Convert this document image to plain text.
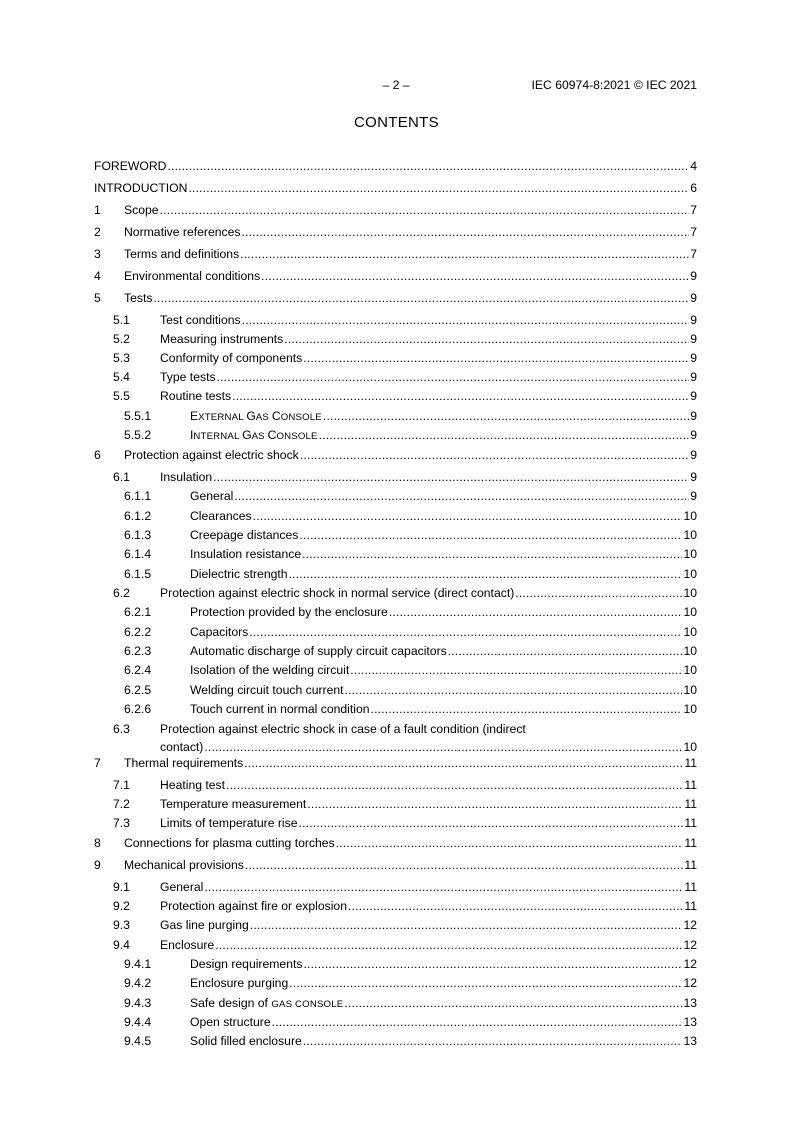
– 2 –	IEC 60974-8:2021 © IEC 2021
CONTENTS
FOREWORD . . .	4
INTRODUCTION . . .	6
1 Scope . . .	7
2 Normative references . . .	7
3 Terms and definitions . . .	7
4 Environmental conditions . . .	9
5 Tests . . .	9
5.1 Test conditions . . .	9
5.2 Measuring instruments . . .	9
5.3 Conformity of components . . .	9
5.4 Type tests . . .	9
5.5 Routine tests . . .	9
5.5.1	EXTERNAL GAS CONSOLE . . .	9
5.5.2	INTERNAL GAS CONSOLE . . .	9
6 Protection against electric shock . . .	9
6.1 Insulation . . .	9
6.1.1	General . . .	9
6.1.2	Clearances . . .	10
6.1.3	Creepage distances . . .	10
6.1.4	Insulation resistance . . .	10
6.1.5	Dielectric strength . . .	10
6.2 Protection against electric shock in normal service (direct contact) . . .	10
6.2.1	Protection provided by the enclosure . . .	10
6.2.2	Capacitors . . .	10
6.2.3	Automatic discharge of supply circuit capacitors . . .	10
6.2.4	Isolation of the welding circuit . . .	10
6.2.5	Welding circuit touch current . . .	10
6.2.6	Touch current in normal condition . . .	10
6.3 Protection against electric shock in case of a fault condition (indirect
contact) . . .	10
7 Thermal requirements . . .	11
7.1 Heating test . . .	11
7.2 Temperature measurement . . .	11
7.3 Limits of temperature rise . . .	11
8 Connections for plasma cutting torches . . .	11
9 Mechanical provisions . . .	11
9.1 General . . .	11
9.2 Protection against fire or explosion . . .	11
9.3 Gas line purging . . .	12
9.4 Enclosure . . .	12
9.4.1	Design requirements . . .	12
9.4.2	Enclosure purging . . .	12
9.4.3	Safe design of GAS CONSOLE . . .	13
9.4.4	Open structure . . .	13
9.4.5	Solid filled enclosure . . .	13
